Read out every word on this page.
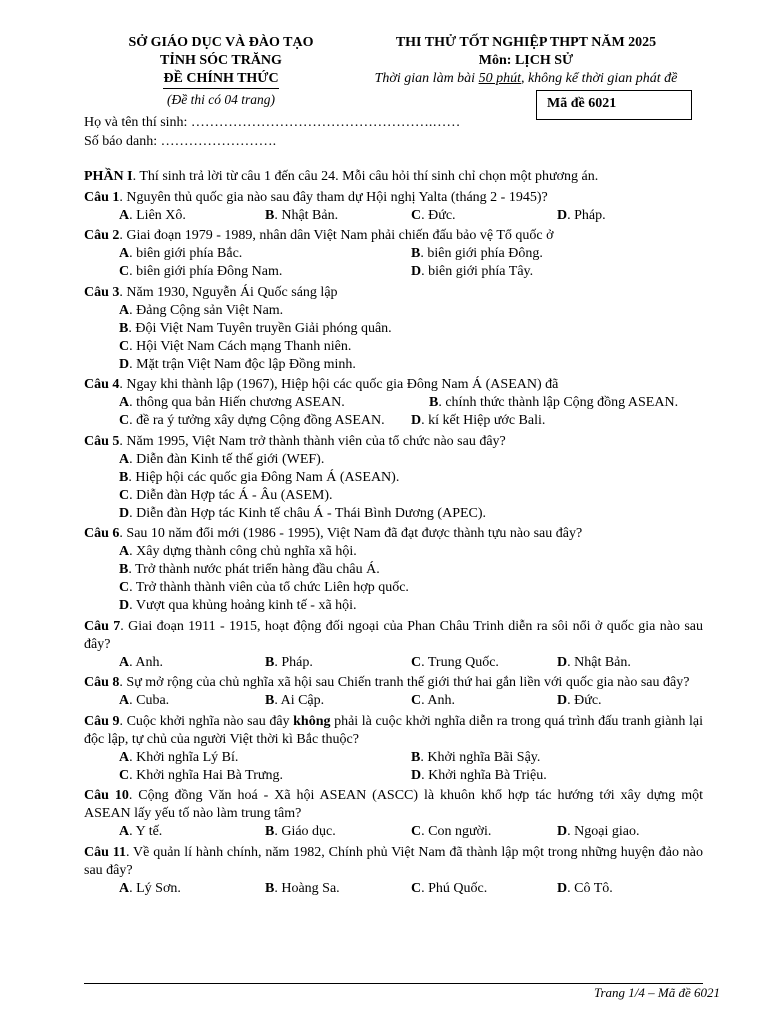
SỞ GIÁO DỤC VÀ ĐÀO TẠO
TỈNH SÓC TRĂNG
ĐỀ CHÍNH THỨC
(Đề thi có 04 trang)
THI THỬ TỐT NGHIỆP THPT NĂM 2025
Môn: LỊCH SỬ
Thời gian làm bài 50 phút, không kể thời gian phát đề
Mã đề 6021
Họ và tên thí sinh: …………………………………………….……
Số báo danh: …………………….

PHẦN I. Thí sinh trả lời từ câu 1 đến câu 24. Mỗi câu hỏi thí sinh chỉ chọn một phương án.

Câu 1. Nguyên thủ quốc gia nào sau đây tham dự Hội nghị Yalta (tháng 2 - 1945)?

A. Liên Xô.	B. Nhật Bản.	C. Đức.	D. Pháp.

Câu 2. Giai đoạn 1979 - 1989, nhân dân Việt Nam phải chiến đấu bảo vệ Tổ quốc ở

A. biên giới phía Bắc.	B. biên giới phía Đông.
C. biên giới phía Đông Nam.	D. biên giới phía Tây.

Câu 3. Năm 1930, Nguyễn Ái Quốc sáng lập

A. Đảng Cộng sản Việt Nam.
B. Đội Việt Nam Tuyên truyền Giải phóng quân.
C. Hội Việt Nam Cách mạng Thanh niên.
D. Mặt trận Việt Nam độc lập Đồng minh.

Câu 4. Ngay khi thành lập (1967), Hiệp hội các quốc gia Đông Nam Á (ASEAN) đã

A. thông qua bản Hiến chương ASEAN.	B. chính thức thành lập Cộng đồng ASEAN.
C. đề ra ý tưởng xây dựng Cộng đồng ASEAN.	D. kí kết Hiệp ước Bali.

Câu 5. Năm 1995, Việt Nam trở thành thành viên của tổ chức nào sau đây?

A. Diễn đàn Kinh tế thế giới (WEF).
B. Hiệp hội các quốc gia Đông Nam Á (ASEAN).
C. Diễn đàn Hợp tác Á - Âu (ASEM).
D. Diễn đàn Hợp tác Kinh tế châu Á - Thái Bình Dương (APEC).

Câu 6. Sau 10 năm đổi mới (1986 - 1995), Việt Nam đã đạt được thành tựu nào sau đây?

A. Xây dựng thành công chủ nghĩa xã hội.
B. Trở thành nước phát triển hàng đầu châu Á.
C. Trở thành thành viên của tổ chức Liên hợp quốc.
D. Vượt qua khủng hoảng kinh tế - xã hội.

Câu 7. Giai đoạn 1911 - 1915, hoạt động đối ngoại của Phan Châu Trinh diễn ra sôi nổi ở quốc gia nào sau đây?

A. Anh.	B. Pháp.	C. Trung Quốc.	D. Nhật Bản.

Câu 8. Sự mở rộng của chủ nghĩa xã hội sau Chiến tranh thế giới thứ hai gắn liền với quốc gia nào sau đây?

A. Cuba.	B. Ai Cập.	C. Anh.	D. Đức.

Câu 9. Cuộc khởi nghĩa nào sau đây không phải là cuộc khởi nghĩa diễn ra trong quá trình đấu tranh giành lại độc lập, tự chủ của người Việt thời kì Bắc thuộc?

A. Khởi nghĩa Lý Bí.	B. Khởi nghĩa Bãi Sậy.
C. Khởi nghĩa Hai Bà Trưng.	D. Khởi nghĩa Bà Triệu.

Câu 10. Cộng đồng Văn hoá - Xã hội ASEAN (ASCC) là khuôn khổ hợp tác hướng tới xây dựng một ASEAN lấy yếu tố nào làm trung tâm?

A. Y tế.	B. Giáo dục.	C. Con người.	D. Ngoại giao.

Câu 11. Về quản lí hành chính, năm 1982, Chính phủ Việt Nam đã thành lập một trong những huyện đảo nào sau đây?

A. Lý Sơn.	B. Hoàng Sa.	C. Phú Quốc.	D. Cô Tô.
Trang 1/4 – Mã đề 6021
